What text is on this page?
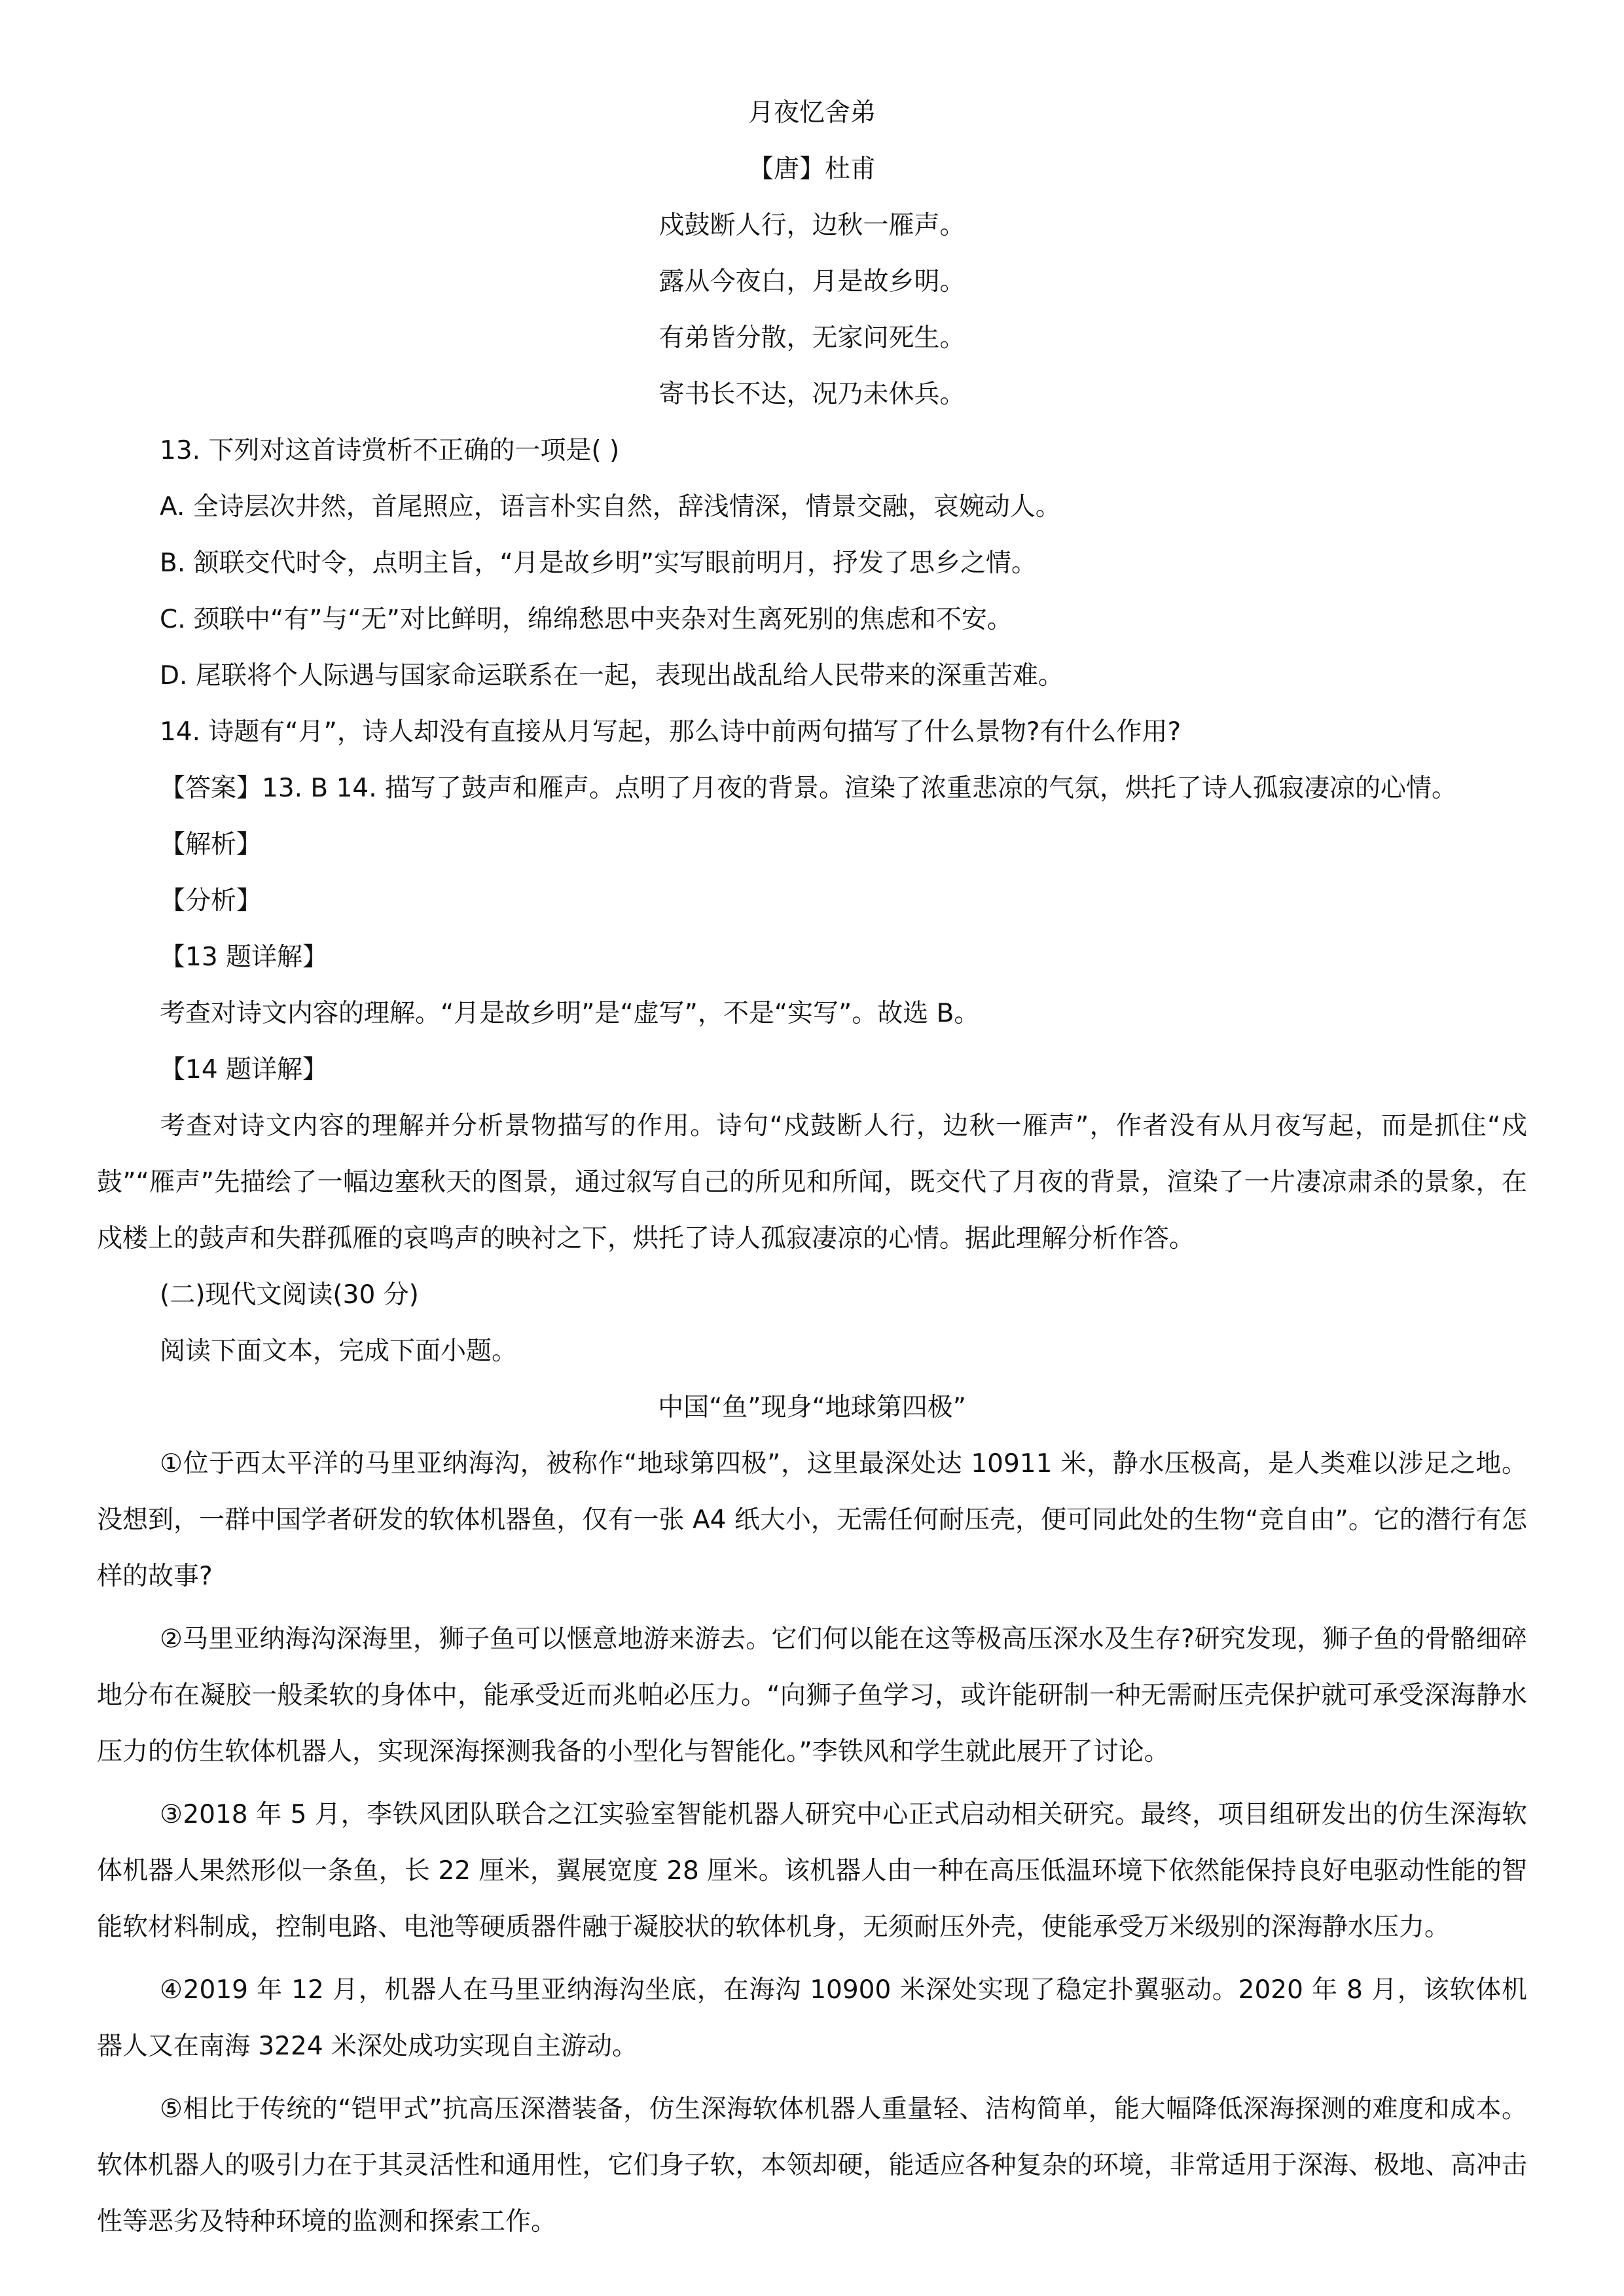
月夜忆舍弟
【唐】杜甫
戍鼓断人行，边秋一雁声。
露从今夜白，月是故乡明。
有弟皆分散，无家问死生。
寄书长不达，况乃未休兵。

13. 下列对这首诗赏析不正确的一项是( )

A. 全诗层次井然，首尾照应，语言朴实自然，辞浅情深，情景交融，哀婉动人。

B. 颔联交代时令，点明主旨，“月是故乡明”实写眼前明月，抒发了思乡之情。

C. 颈联中“有”与“无”对比鲜明，绵绵愁思中夹杂对生离死别的焦虑和不安。

D. 尾联将个人际遇与国家命运联系在一起，表现出战乱给人民带来的深重苦难。

14. 诗题有“月”，诗人却没有直接从月写起，那么诗中前两句描写了什么景物?有什么作用?

【答案】13. B 14. 描写了鼓声和雁声。点明了月夜的背景。渲染了浓重悲凉的气氛，烘托了诗人孤寂凄凉的心情。

【解析】

【分析】

【13 题详解】

考查对诗文内容的理解。“月是故乡明”是“虚写”，不是“实写”。故选 B。

【14 题详解】

考查对诗文内容的理解并分析景物描写的作用。诗句“戍鼓断人行，边秋一雁声”，作者没有从月夜写起，而是抓住“戍鼓”“雁声”先描绘了一幅边塞秋天的图景，通过叙写自己的所见和所闻，既交代了月夜的背景，渲染了一片凄凉肃杀的景象，在戍楼上的鼓声和失群孤雁的哀鸣声的映衬之下，烘托了诗人孤寂凄凉的心情。据此理解分析作答。

(二)现代文阅读(30 分)

阅读下面文本，完成下面小题。

中国“鱼”现身“地球第四极”

①位于西太平洋的马里亚纳海沟，被称作“地球第四极”，这里最深处达 10911 米，静水压极高，是人类难以涉足之地。没想到，一群中国学者研发的软体机器鱼，仅有一张 A4 纸大小，无需任何耐压壳，便可同此处的生物“竞自由”。它的潜行有怎样的故事?

②马里亚纳海沟深海里，狮子鱼可以惬意地游来游去。它们何以能在这等极高压深水及生存?研究发现，狮子鱼的骨骼细碎地分布在凝胶一般柔软的身体中，能承受近而兆帕必压力。“向狮子鱼学习，或许能研制一种无需耐压壳保护就可承受深海静水压力的仿生软体机器人，实现深海探测我备的小型化与智能化。”李铁风和学生就此展开了讨论。

③2018 年 5 月，李铁风团队联合之江实验室智能机器人研究中心正式启动相关研究。最终，项目组研发出的仿生深海软体机器人果然形似一条鱼，长 22 厘米，翼展宽度 28 厘米。该机器人由一种在高压低温环境下依然能保持良好电驱动性能的智能软材料制成，控制电路、电池等硬质器件融于凝胶状的软体机身，无须耐压外壳，使能承受万米级别的深海静水压力。

④2019 年 12 月，机器人在马里亚纳海沟坐底，在海沟 10900 米深处实现了稳定扑翼驱动。2020 年 8 月，该软体机器人又在南海 3224 米深处成功实现自主游动。

⑤相比于传统的“铠甲式”抗高压深潜装备，仿生深海软体机器人重量轻、洁构简单，能大幅降低深海探测的难度和成本。软体机器人的吸引力在于其灵活性和通用性，它们身子软，本领却硬，能适应各种复杂的环境，非常适用于深海、极地、高冲击性等恶劣及特种环境的监测和探索工作。
